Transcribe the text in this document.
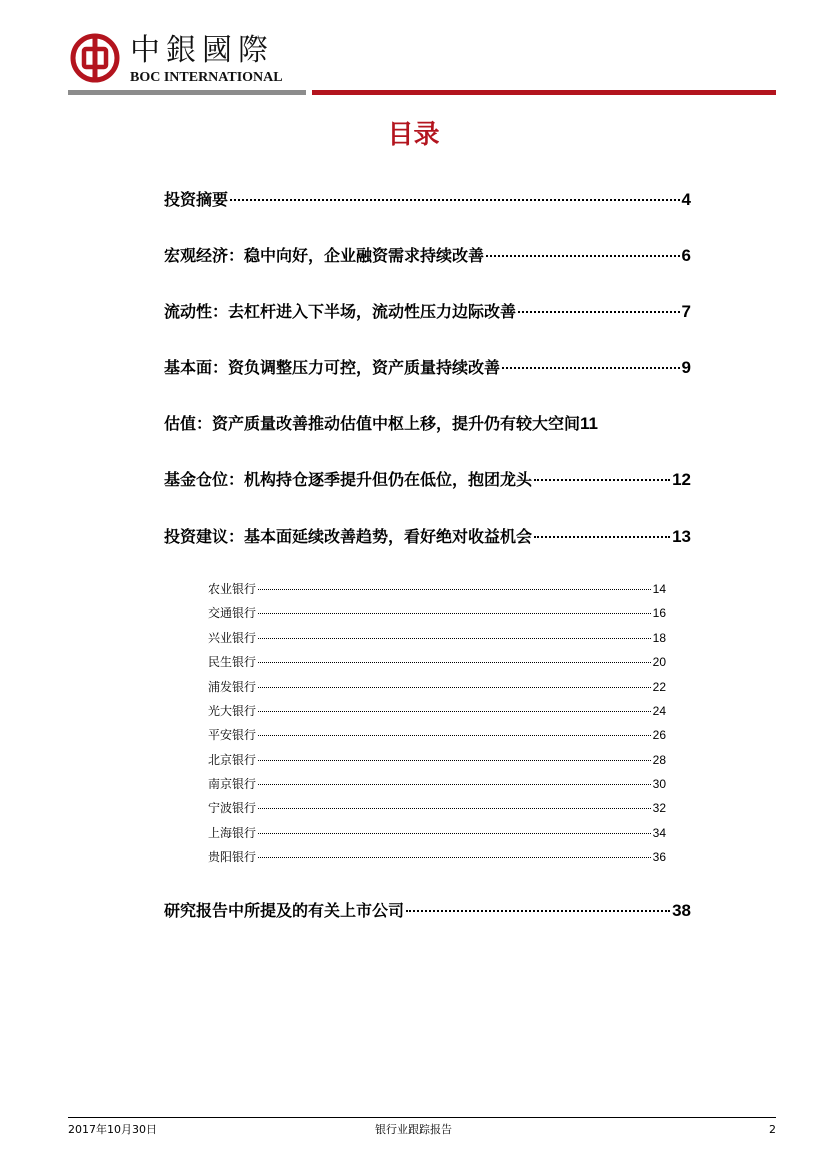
中銀國際
BOC INTERNATIONAL
目录
投资摘要	4
宏观经济：稳中向好，企业融资需求持续改善	6
流动性：去杠杆进入下半场，流动性压力边际改善	7
基本面：资负调整压力可控，资产质量持续改善	9
估值：资产质量改善推动估值中枢上移，提升仍有较大空间 11
基金仓位：机构持仓逐季提升但仍在低位，抱团龙头	12
投资建议：基本面延续改善趋势，看好绝对收益机会	13
农业银行	14
交通银行	16
兴业银行	18
民生银行	20
浦发银行	22
光大银行	24
平安银行	26
北京银行	28
南京银行	30
宁波银行	32
上海银行	34
贵阳银行	36
研究报告中所提及的有关上市公司	38
2017年10月30日	银行业跟踪报告	2
